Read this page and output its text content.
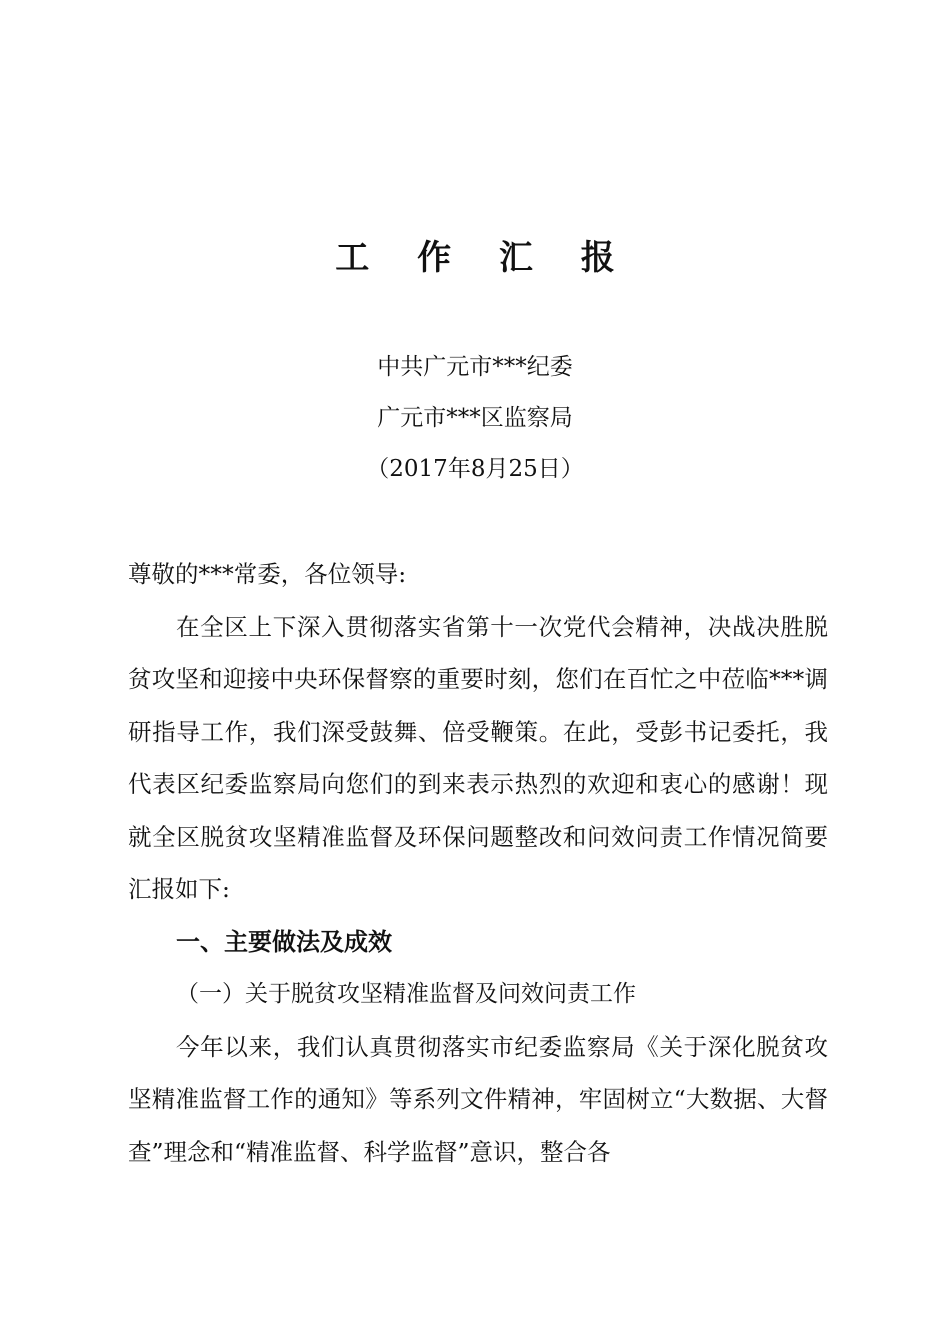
工 作 汇 报
中共广元市***纪委
广元市***区监察局
（2017年8月25日）

尊敬的***常委，各位领导:

在全区上下深入贯彻落实省第十一次党代会精神，决战决胜脱贫攻坚和迎接中央环保督察的重要时刻，您们在百忙之中莅临***调研指导工作，我们深受鼓舞、倍受鞭策。在此，受彭书记委托，我代表区纪委监察局向您们的到来表示热烈的欢迎和衷心的感谢！现就全区脱贫攻坚精准监督及环保问题整改和问效问责工作情况简要汇报如下:

一、主要做法及成效

（一）关于脱贫攻坚精准监督及问效问责工作

今年以来，我们认真贯彻落实市纪委监察局《关于深化脱贫攻坚精准监督工作的通知》等系列文件精神，牢固树立“大数据、大督查”理念和“精准监督、科学监督”意识，整合各
